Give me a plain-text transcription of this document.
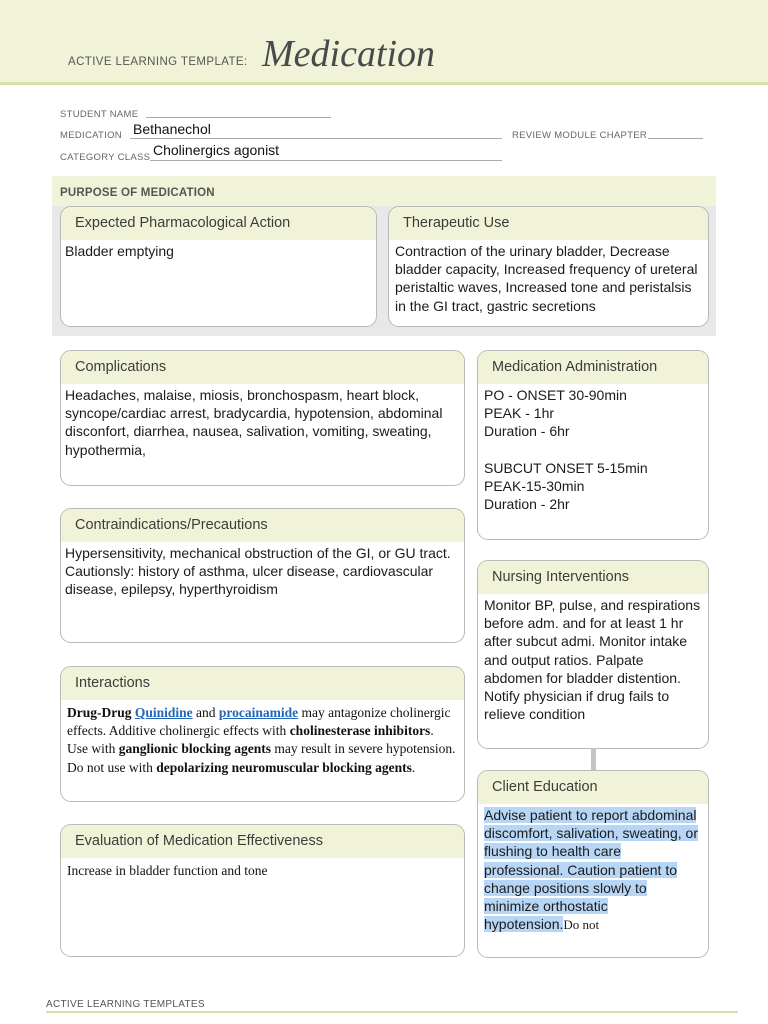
ACTIVE LEARNING TEMPLATE: Medication
STUDENT NAME
MEDICATION Bethanechol	REVIEW MODULE CHAPTER
CATEGORY CLASS Cholinergics agonist
PURPOSE OF MEDICATION
Expected Pharmacological Action
Bladder emptying
Therapeutic Use
Contraction of the urinary bladder, Decrease bladder capacity, Increased frequency of ureteral peristaltic waves, Increased tone and peristalsis in the GI tract, gastric secretions
Complications
Headaches, malaise, miosis, bronchospasm, heart block, syncope/cardiac arrest, bradycardia, hypotension, abdominal disconfort, diarrhea, nausea, salivation, vomiting, sweating, hypothermia,
Medication Administration

PO - ONSET 30-90min

PEAK - 1hr

Duration - 6hr

SUBCUT ONSET 5-15min

PEAK-15-30min

Duration - 2hr

Contraindications/Precautions

Hypersensitivity, mechanical obstruction of the GI, or GU tract.

Cautionsly: history of asthma, ulcer disease, cardiovascular disease, epilepsy, hyperthyroidism

Nursing Interventions
Monitor BP, pulse, and respirations before adm. and for at least 1 hr after subcut admi. Monitor intake and output ratios. Palpate abdomen for bladder distention. Notify physician if drug fails to relieve condition
Interactions
Drug-Drug Quinidine and procainamide may antagonize cholinergic effects. Additive cholinergic effects with cholinesterase inhibitors. Use with ganglionic blocking agents may result in severe hypotension. Do not use with depolarizing neuromuscular blocking agents.
Client Education
Advise patient to report abdominal discomfort, salivation, sweating, or flushing to health care professional. Caution patient to change positions slowly to minimize orthostatic hypotension.Do not
Evaluation of Medication Effectiveness
Increase in bladder function and tone
ACTIVE LEARNING TEMPLATES
